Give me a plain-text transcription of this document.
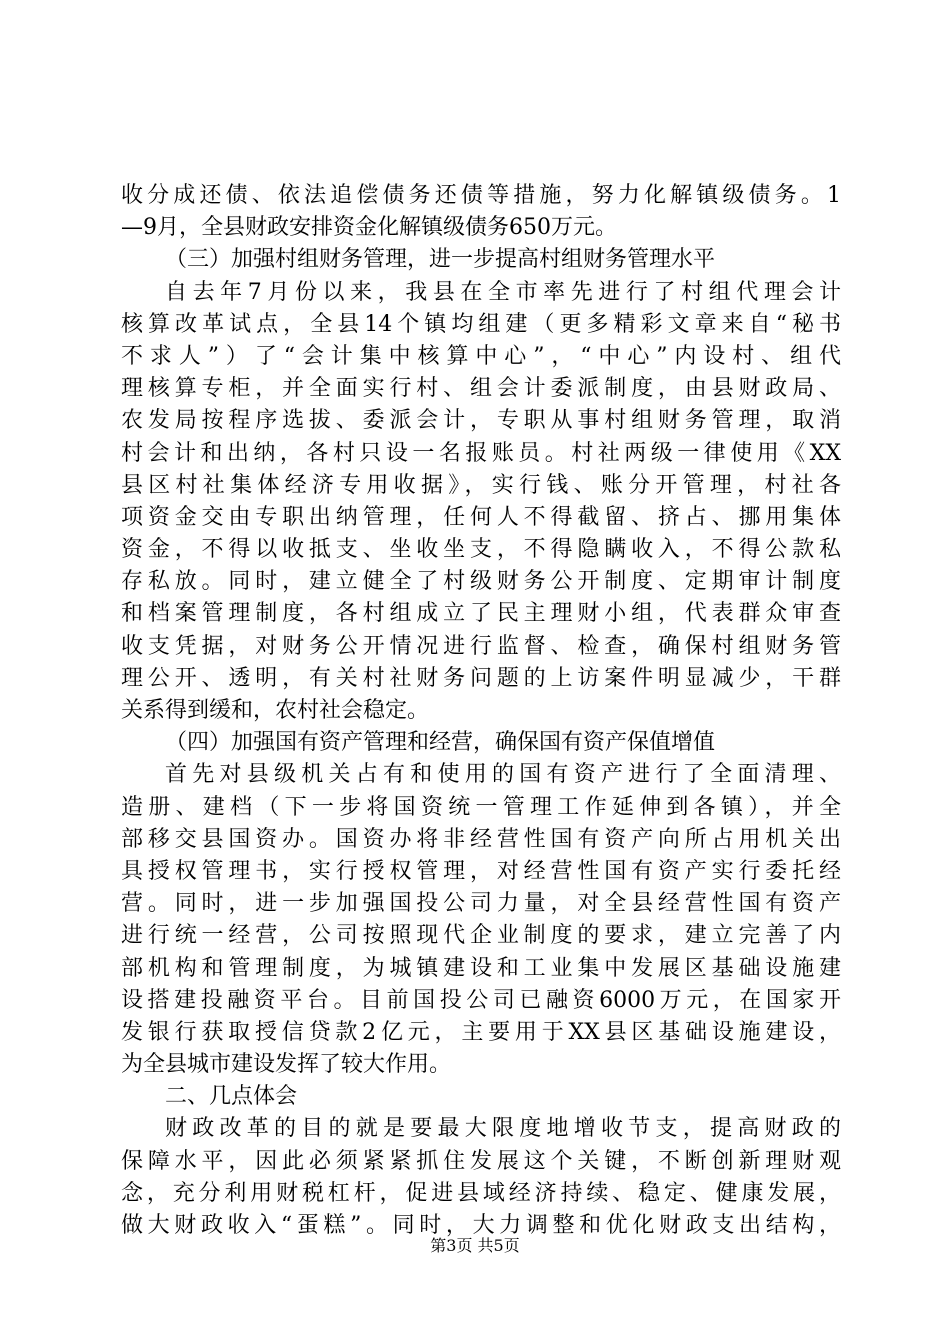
收分成还债、依法追偿债务还债等措施，努力化解镇级债务。1
—9月，全县财政安排资金化解镇级债务650万元。
（三）加强村组财务管理，进一步提高村组财务管理水平
自去年7月份以来，我县在全市率先进行了村组代理会计
核算改革试点，全县14个镇均组建（更多精彩文章来自“秘书
不求人”）了“会计集中核算中心”，“中心”内设村、组代
理核算专柜，并全面实行村、组会计委派制度，由县财政局、
农发局按程序选拔、委派会计，专职从事村组财务管理，取消
村会计和出纳，各村只设一名报账员。村社两级一律使用《XX
县区村社集体经济专用收据》，实行钱、账分开管理，村社各
项资金交由专职出纳管理，任何人不得截留、挤占、挪用集体
资金，不得以收抵支、坐收坐支，不得隐瞒收入，不得公款私
存私放。同时，建立健全了村级财务公开制度、定期审计制度
和档案管理制度，各村组成立了民主理财小组，代表群众审查
收支凭据，对财务公开情况进行监督、检查，确保村组财务管
理公开、透明，有关村社财务问题的上访案件明显减少，干群
关系得到缓和，农村社会稳定。
（四）加强国有资产管理和经营，确保国有资产保值增值
首先对县级机关占有和使用的国有资产进行了全面清理、
造册、建档（下一步将国资统一管理工作延伸到各镇），并全
部移交县国资办。国资办将非经营性国有资产向所占用机关出
具授权管理书，实行授权管理，对经营性国有资产实行委托经
营。同时，进一步加强国投公司力量，对全县经营性国有资产
进行统一经营，公司按照现代企业制度的要求，建立完善了内
部机构和管理制度，为城镇建设和工业集中发展区基础设施建
设搭建投融资平台。目前国投公司已融资6000万元，在国家开
发银行获取授信贷款2亿元，主要用于XX县区基础设施建设，
为全县城市建设发挥了较大作用。
二、几点体会
财政改革的目的就是要最大限度地增收节支，提高财政的
保障水平，因此必须紧紧抓住发展这个关键，不断创新理财观
念，充分利用财税杠杆，促进县域经济持续、稳定、健康发展，
做大财政收入“蛋糕”。同时，大力调整和优化财政支出结构，
第3页 共5页
